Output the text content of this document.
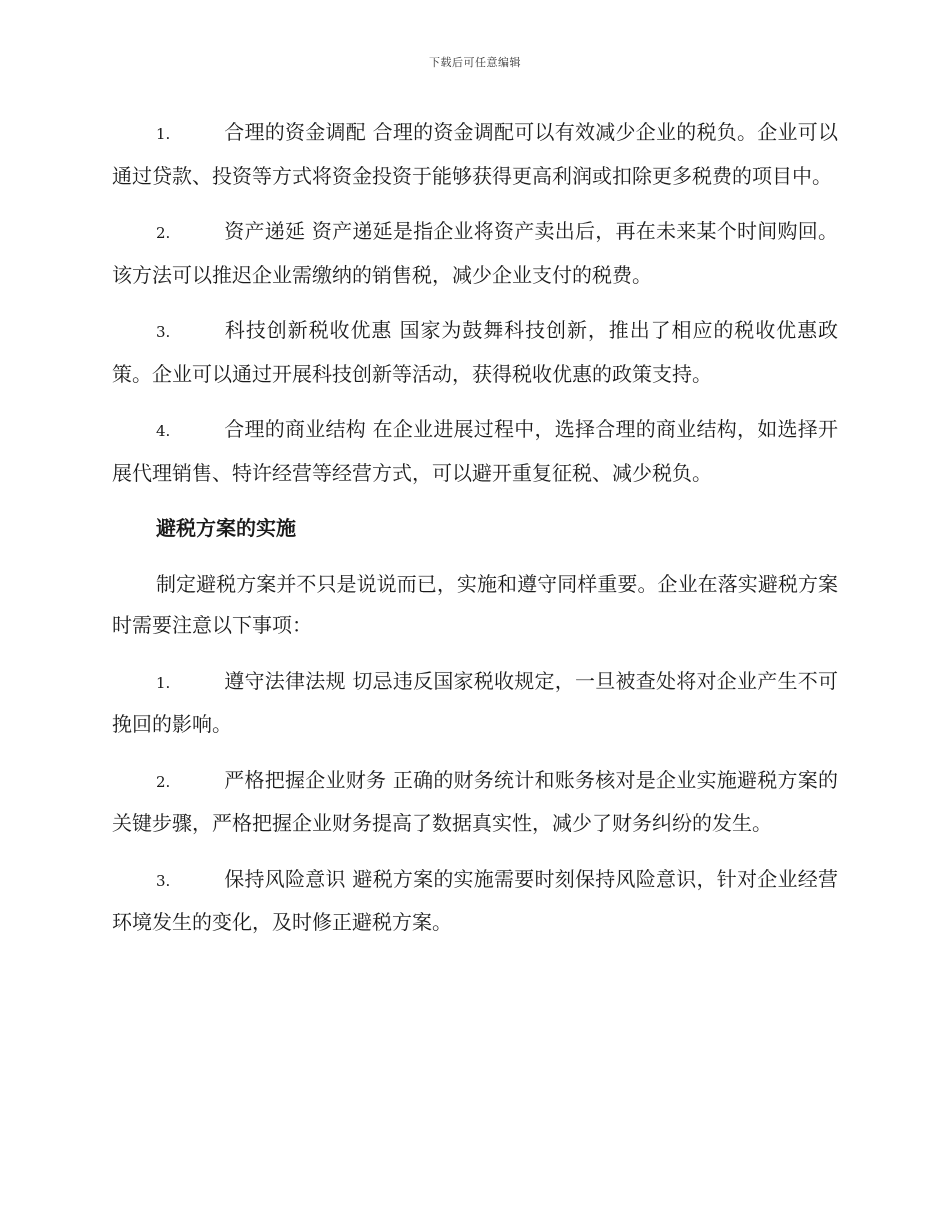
下载后可任意编辑

1.	合理的资金调配 合理的资金调配可以有效减少企业的税负。企业可以通过贷款、投资等方式将资金投资于能够获得更高利润或扣除更多税费的项目中。

2.	资产递延 资产递延是指企业将资产卖出后，再在未来某个时间购回。该方法可以推迟企业需缴纳的销售税，减少企业支付的税费。

3.	科技创新税收优惠 国家为鼓舞科技创新，推出了相应的税收优惠政策。企业可以通过开展科技创新等活动，获得税收优惠的政策支持。

4.	合理的商业结构 在企业进展过程中，选择合理的商业结构，如选择开展代理销售、特许经营等经营方式，可以避开重复征税、减少税负。

避税方案的实施

制定避税方案并不只是说说而已，实施和遵守同样重要。企业在落实避税方案时需要注意以下事项：

1.	遵守法律法规 切忌违反国家税收规定，一旦被查处将对企业产生不可挽回的影响。

2.	严格把握企业财务 正确的财务统计和账务核对是企业实施避税方案的关键步骤，严格把握企业财务提高了数据真实性，减少了财务纠纷的发生。

3.	保持风险意识 避税方案的实施需要时刻保持风险意识，针对企业经营环境发生的变化，及时修正避税方案。
